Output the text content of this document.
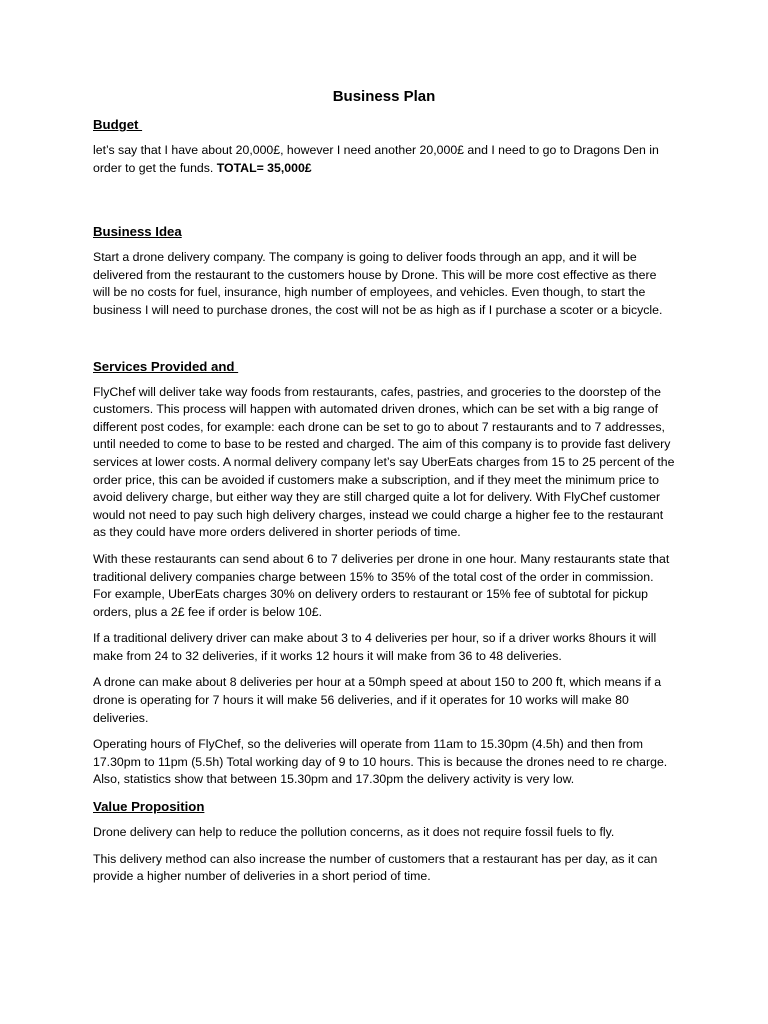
Business Plan
Budget

let’s say that I have about 20,000£, however I need another 20,000£ and I need to go to Dragons Den in order to get the funds. TOTAL= 35,000£

Business Idea

Start a drone delivery company. The company is going to deliver foods through an app, and it will be delivered from the restaurant to the customers house by Drone. This will be more cost effective as there will be no costs for fuel, insurance, high number of employees, and vehicles. Even though, to start the business I will need to purchase drones, the cost will not be as high as if I purchase a scoter or a bicycle.

Services Provided and

FlyChef will deliver take way foods from restaurants, cafes, pastries, and groceries to the doorstep of the customers. This process will happen with automated driven drones, which can be set with a big range of different post codes, for example: each drone can be set to go to about 7 restaurants and to 7 addresses, until needed to come to base to be rested and charged. The aim of this company is to provide fast delivery services at lower costs. A normal delivery company let’s say UberEats charges from 15 to 25 percent of the order price, this can be avoided if customers make a subscription, and if they meet the minimum price to avoid delivery charge, but either way they are still charged quite a lot for delivery. With FlyChef customer would not need to pay such high delivery charges, instead we could charge a higher fee to the restaurant as they could have more orders delivered in shorter periods of time.

With these restaurants can send about 6 to 7 deliveries per drone in one hour. Many restaurants state that traditional delivery companies charge between 15% to 35% of the total cost of the order in commission. For example, UberEats charges 30% on delivery orders to restaurant or 15% fee of subtotal for pickup orders, plus a 2£ fee if order is below 10£.

If a traditional delivery driver can make about 3 to 4 deliveries per hour, so if a driver works 8hours it will make from 24 to 32 deliveries, if it works 12 hours it will make from 36 to 48 deliveries.

A drone can make about 8 deliveries per hour at a 50mph speed at about 150 to 200 ft, which means if a drone is operating for 7 hours it will make 56 deliveries, and if it operates for 10 works will make 80 deliveries.

Operating hours of FlyChef, so the deliveries will operate from 11am to 15.30pm (4.5h) and then from 17.30pm to 11pm (5.5h) Total working day of 9 to 10 hours. This is because the drones need to re charge. Also, statistics show that between 15.30pm and 17.30pm the delivery activity is very low.

Value Proposition

Drone delivery can help to reduce the pollution concerns, as it does not require fossil fuels to fly.

This delivery method can also increase the number of customers that a restaurant has per day, as it can provide a higher number of deliveries in a short period of time.
